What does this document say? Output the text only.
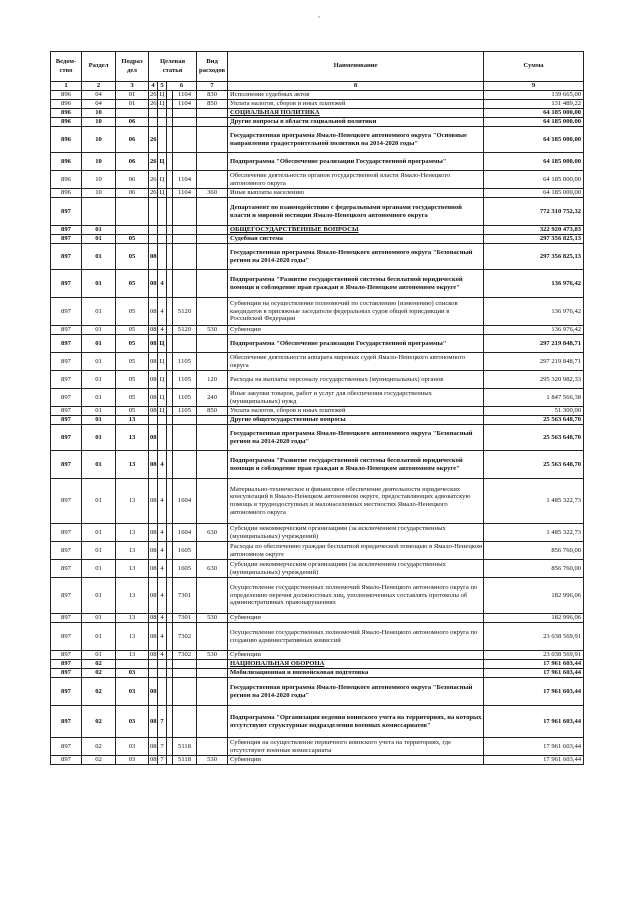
Ведом-ство	Раздел	Подраз дел	Целевая статья				Вид расходов	Наименование	Сумма
1	2	3	4	5	6		7	8	9
896	04	01	26	Ц		1104	830	Исполнение судебных актов	139 665,00
896	04	01	26	Ц		1104	850	Уплата налогов, сборов и иных платежей	131 489,22
896	10							СОЦИАЛЬНАЯ ПОЛИТИКА	64 185 000,00
896	10	06						Другие вопросы в области социальной политики	64 185 000,00
896	10	06	26					Государственная программа Ямало-Ненецкого автономного округа "Основные направления градостроительной политики на 2014-2020 годы"	64 185 000,00
896	10	06	26	Ц				Подпрограмма "Обеспечение реализации Государственной программы"	64 185 000,00
896	10	06	26	Ц		1104		Обеспечение деятельности органов государственной власти Ямало-Ненецкого автономного округа	64 185 000,00
896	10	06	26	Ц		1104	360	Иные выплаты населению	64 185 000,00
897								Департамент по взаимодействию с федеральными органами государственной власти и мировой юстиции Ямало-Ненецкого автономного округа	772 310 752,32
897	01							ОБЩЕГОСУДАРСТВЕННЫЕ ВОПРОСЫ	322 920 473,83
897	01	05						Судебная система	297 356 825,13
897	01	05	08					Государственная программа Ямало-Ненецкого автономного округа "Безопасный регион на 2014-2020 годы"	297 356 825,13
897	01	05	08	4				Подпрограмма "Развитие государственной системы бесплатной юридической помощи и соблюдение прав граждан в Ямало-Ненецком автономном округе"	136 976,42
897	01	05	08	4		5120		Субвенции на осуществление полномочий по составлению (изменению) списков кандидатов в присяжные заседатели федеральных судов общей юрисдикции в Российской Федерации	136 976,42
897	01	05	08	4		5120	530	Субвенции	136 976,42
897	01	05	08	Ц				Подпрограмма "Обеспечение реализации Государственной программы"	297 219 848,71
897	01	05	08	Ц		1105		Обеспечение деятельности аппарата мировых судей Ямало-Ненецкого автономного округа	297 219 848,71
897	01	05	08	Ц		1105	120	Расходы на выплаты персоналу государственных (муниципальных) органов	295 320 982,33
897	01	05	08	Ц		1105	240	Иные закупки товаров, работ и услуг для обеспечения государственных (муниципальных) нужд	1 847 566,38
897	01	05	08	Ц		1105	850	Уплата налогов, сборов и иных платежей	51 300,00
897	01	13						Другие общегосударственные вопросы	25 563 648,70
897	01	13	08					Государственная программа Ямало-Ненецкого автономного округа "Безопасный регион на 2014-2020 годы"	25 563 648,70
897	01	13	08	4				Подпрограмма "Развитие государственной системы бесплатной юридической помощи и соблюдение прав граждан в Ямало-Ненецком автономном округе"	25 563 648,70
897	01	13	08	4		1604		Материально-техническое и финансовое обеспечение деятельности юридических консультаций в Ямало-Ненецком автономном округе, предоставляющих адвокатскую помощь в труднодоступных и малонаселенных местностях Ямало-Ненецкого автономного округа	1 485 322,73
897	01	13	08	4		1604	630	Субсидии некоммерческим организациям (за исключением государственных (муниципальных) учреждений)	1 485 322,73
897	01	13	08	4		1605		Расходы по обеспечению граждан бесплатной юридической помощью в Ямало-Ненецком автономном округе	856 760,00
897	01	13	08	4		1605	630	Субсидии некоммерческим организациям (за исключением государственных (муниципальных) учреждений)	856 760,00
897	01	13	08	4		7301		Осуществление государственных полномочий Ямало-Ненецкого автономного округа по определению перечня должностных лиц, уполномоченных составлять протоколы об административных правонарушениях	182 996,06
897	01	13	08	4		7301	530	Субвенции	182 996,06
897	01	13	08	4		7302		Осуществление государственных полномочий Ямало-Ненецкого автономного округа по созданию административных комиссий	23 038 569,91
897	01	13	08	4		7302	530	Субвенции	23 038 569,91
897	02							НАЦИОНАЛЬНАЯ ОБОРОНА	17 961 603,44
897	02	03						Мобилизационная и вневойсковая подготовка	17 961 603,44
897	02	03	08					Государственная программа Ямало-Ненецкого автономного округа "Безопасный регион на 2014-2020 годы"	17 961 603,44
897	02	03	08	7				Подпрограмма "Организация ведения воинского учета на территориях, на которых отсутствуют структурные подразделения военных комиссариатов"	17 961 603,44
897	02	03	08	7		5118		Субвенция на осуществление первичного воинского учета на территориях, где отсутствуют военные комиссариаты	17 961 603,44
897	02	03	08	7		5118	530	Субвенции	17 961 603,44
